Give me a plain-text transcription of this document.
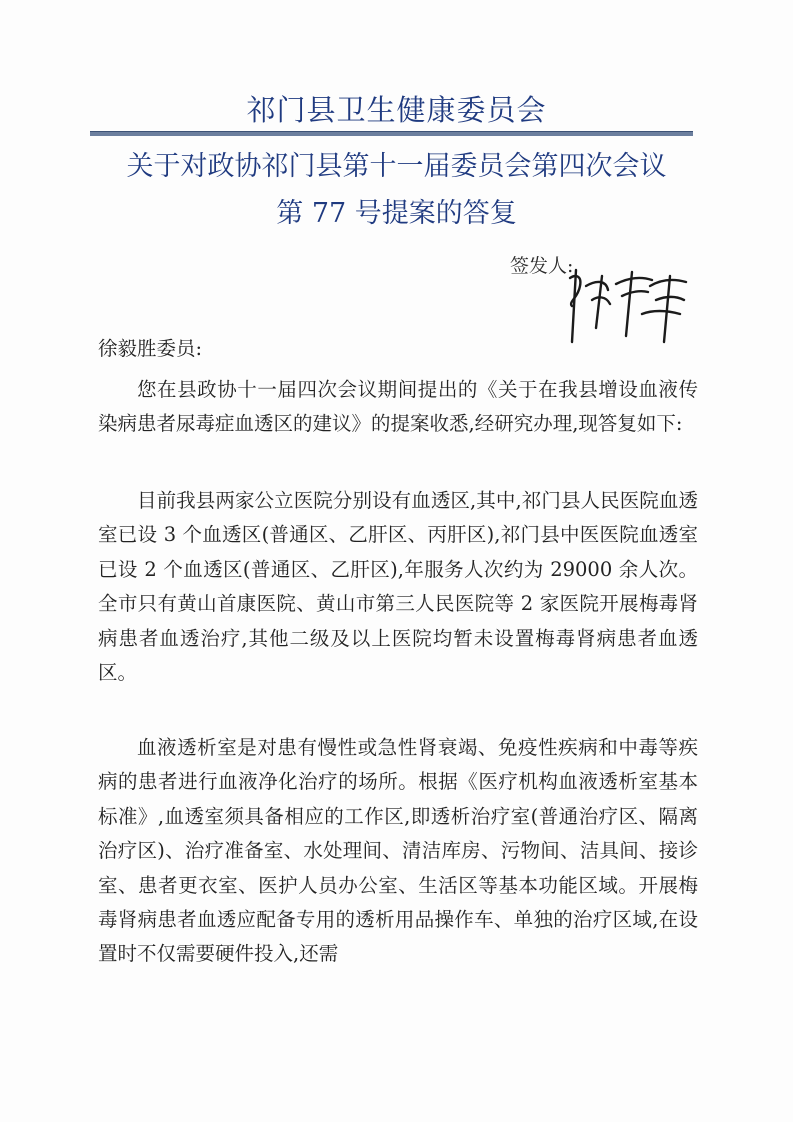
祁门县卫生健康委员会
关于对政协祁门县第十一届委员会第四次会议
第 77 号提案的答复
签发人:
徐毅胜委员:
您在县政协十一届四次会议期间提出的《关于在我县增设血液传染病患者尿毒症血透区的建议》的提案收悉,经研究办理,现答复如下:
目前我县两家公立医院分别设有血透区,其中,祁门县人民医院血透室已设 3 个血透区(普通区、乙肝区、丙肝区),祁门县中医医院血透室已设 2 个血透区(普通区、乙肝区),年服务人次约为 29000 余人次。全市只有黄山首康医院、黄山市第三人民医院等 2 家医院开展梅毒肾病患者血透治疗,其他二级及以上医院均暂未设置梅毒肾病患者血透区。
血液透析室是对患有慢性或急性肾衰竭、免疫性疾病和中毒等疾病的患者进行血液净化治疗的场所。根据《医疗机构血液透析室基本标准》,血透室须具备相应的工作区,即透析治疗室(普通治疗区、隔离治疗区)、治疗准备室、水处理间、清洁库房、污物间、洁具间、接诊室、患者更衣室、医护人员办公室、生活区等基本功能区域。开展梅毒肾病患者血透应配备专用的透析用品操作车、单独的治疗区域,在设置时不仅需要硬件投入,还需
